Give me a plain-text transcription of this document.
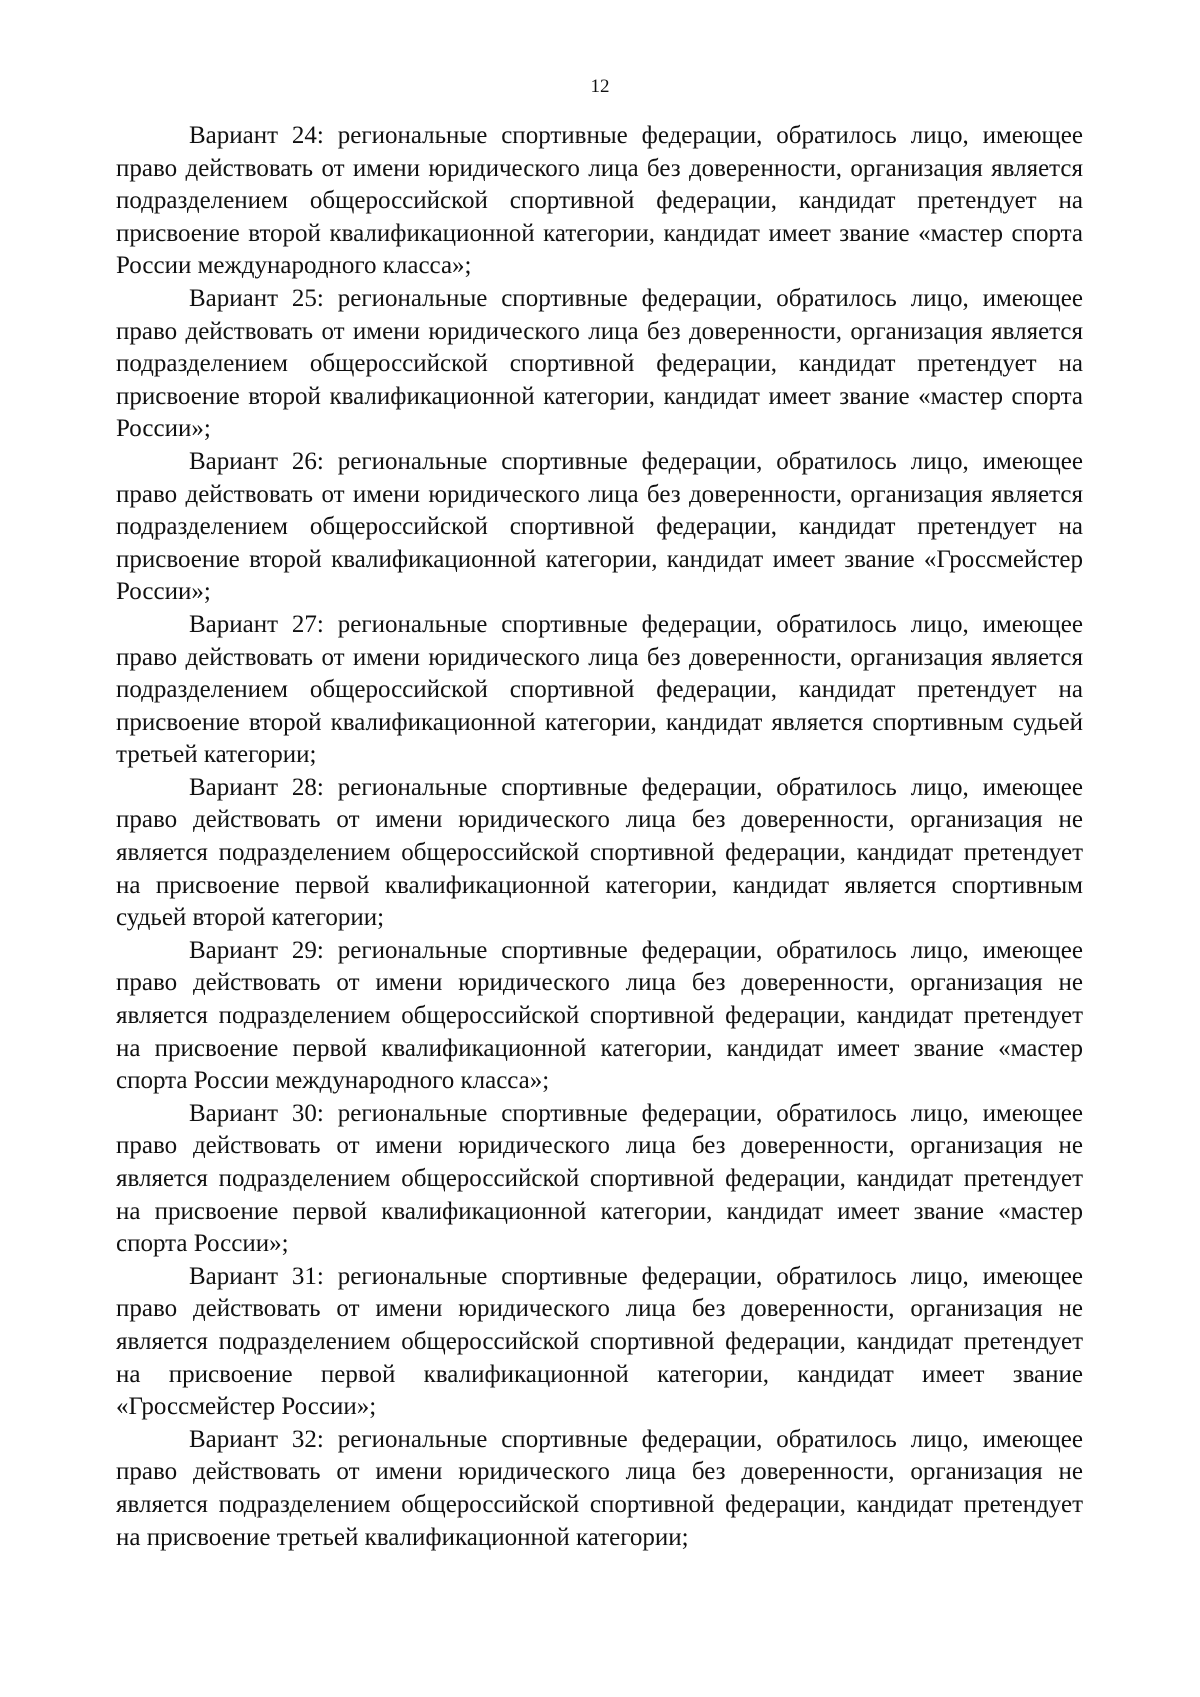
12

Вариант 24: региональные спортивные федерации, обратилось лицо, имеющее право действовать от имени юридического лица без доверенности, организация является подразделением общероссийской спортивной федерации, кандидат претендует на присвоение второй квалификационной категории, кандидат имеет звание «мастер спорта России международного класса»;

Вариант 25: региональные спортивные федерации, обратилось лицо, имеющее право действовать от имени юридического лица без доверенности, организация является подразделением общероссийской спортивной федерации, кандидат претендует на присвоение второй квалификационной категории, кандидат имеет звание «мастер спорта России»;

Вариант 26: региональные спортивные федерации, обратилось лицо, имеющее право действовать от имени юридического лица без доверенности, организация является подразделением общероссийской спортивной федерации, кандидат претендует на присвоение второй квалификационной категории, кандидат имеет звание «Гроссмейстер России»;

Вариант 27: региональные спортивные федерации, обратилось лицо, имеющее право действовать от имени юридического лица без доверенности, организация является подразделением общероссийской спортивной федерации, кандидат претендует на присвоение второй квалификационной категории, кандидат является спортивным судьей третьей категории;

Вариант 28: региональные спортивные федерации, обратилось лицо, имеющее право действовать от имени юридического лица без доверенности, организация не является подразделением общероссийской спортивной федерации, кандидат претендует на присвоение первой квалификационной категории, кандидат является спортивным судьей второй категории;

Вариант 29: региональные спортивные федерации, обратилось лицо, имеющее право действовать от имени юридического лица без доверенности, организация не является подразделением общероссийской спортивной федерации, кандидат претендует на присвоение первой квалификационной категории, кандидат имеет звание «мастер спорта России международного класса»;

Вариант 30: региональные спортивные федерации, обратилось лицо, имеющее право действовать от имени юридического лица без доверенности, организация не является подразделением общероссийской спортивной федерации, кандидат претендует на присвоение первой квалификационной категории, кандидат имеет звание «мастер спорта России»;

Вариант 31: региональные спортивные федерации, обратилось лицо, имеющее право действовать от имени юридического лица без доверенности, организация не является подразделением общероссийской спортивной федерации, кандидат претендует на присвоение первой квалификационной категории, кандидат имеет звание «Гроссмейстер России»;

Вариант 32: региональные спортивные федерации, обратилось лицо, имеющее право действовать от имени юридического лица без доверенности, организация не является подразделением общероссийской спортивной федерации, кандидат претендует на присвоение третьей квалификационной категории;
